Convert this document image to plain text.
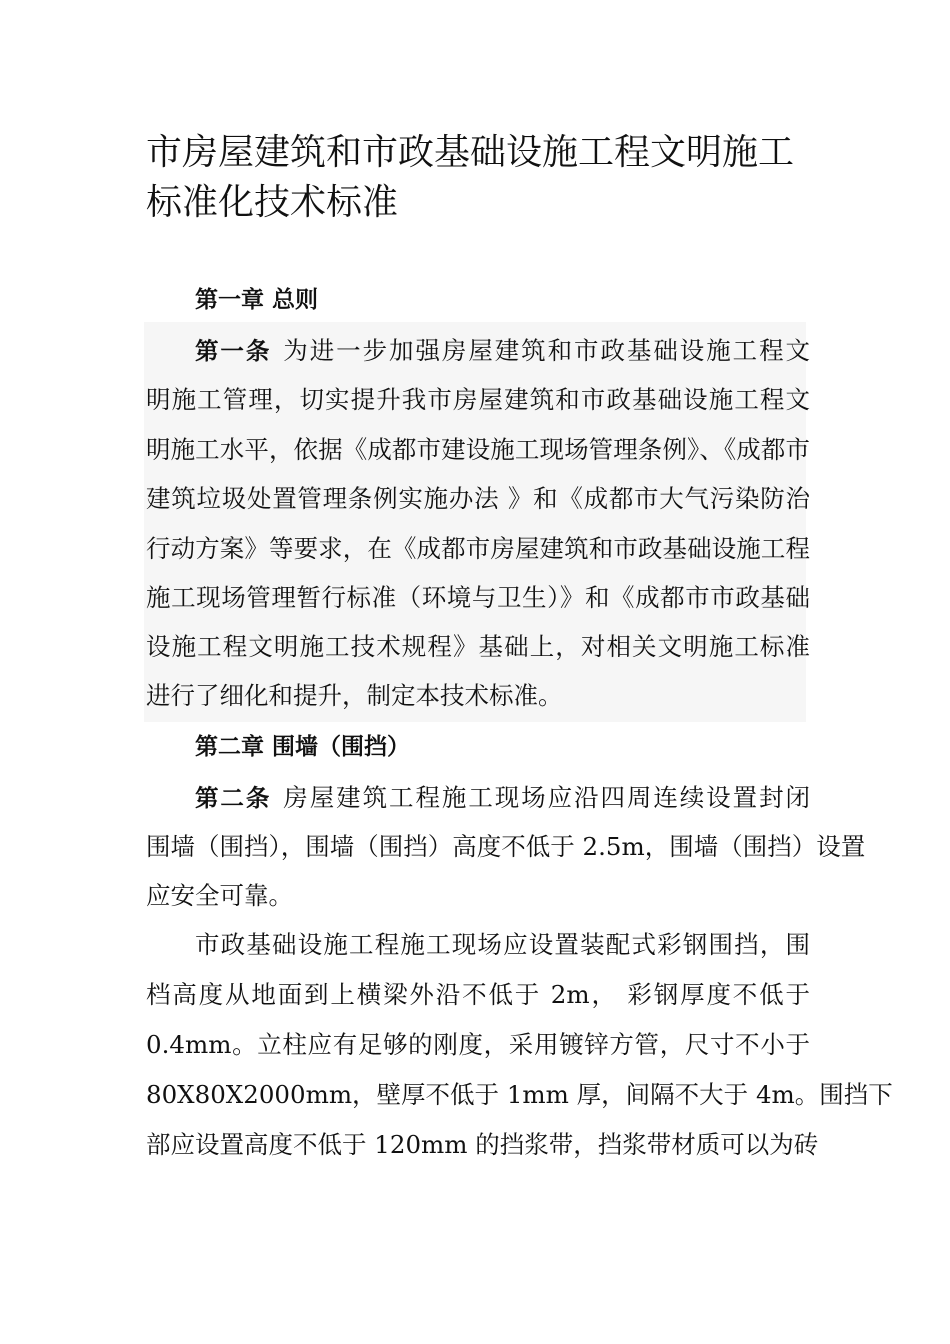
市房屋建筑和市政基础设施工程文明施工
标准化技术标准
第一章 总则
第一条 为进一步加强房屋建筑和市政基础设施工程文
明施工管理，切实提升我市房屋建筑和市政基础设施工程文
明施工水平，依据《成都市建设施工现场管理条例》、《成都市
建筑垃圾处置管理条例实施办法 》和《成都市大气污染防治
行动方案》等要求，在《成都市房屋建筑和市政基础设施工程
施工现场管理暂行标准（环境与卫生）》和《成都市市政基础
设施工程文明施工技术规程》基础上，对相关文明施工标准
进行了细化和提升，制定本技术标准。
第二章 围墙（围挡）
第二条 房屋建筑工程施工现场应沿四周连续设置封闭
围墙（围挡），围墙（围挡）高度不低于 2.5m，围墙（围挡）设置
应安全可靠。
市政基础设施工程施工现场应设置装配式彩钢围挡，围
档高度从地面到上横梁外沿不低于 2m， 彩钢厚度不低于
0.4mm。立柱应有足够的刚度，采用镀锌方管，尺寸不小于
80X80X2000mm，壁厚不低于 1mm 厚，间隔不大于 4m。围挡下
部应设置高度不低于 120mm 的挡浆带，挡浆带材质可以为砖
